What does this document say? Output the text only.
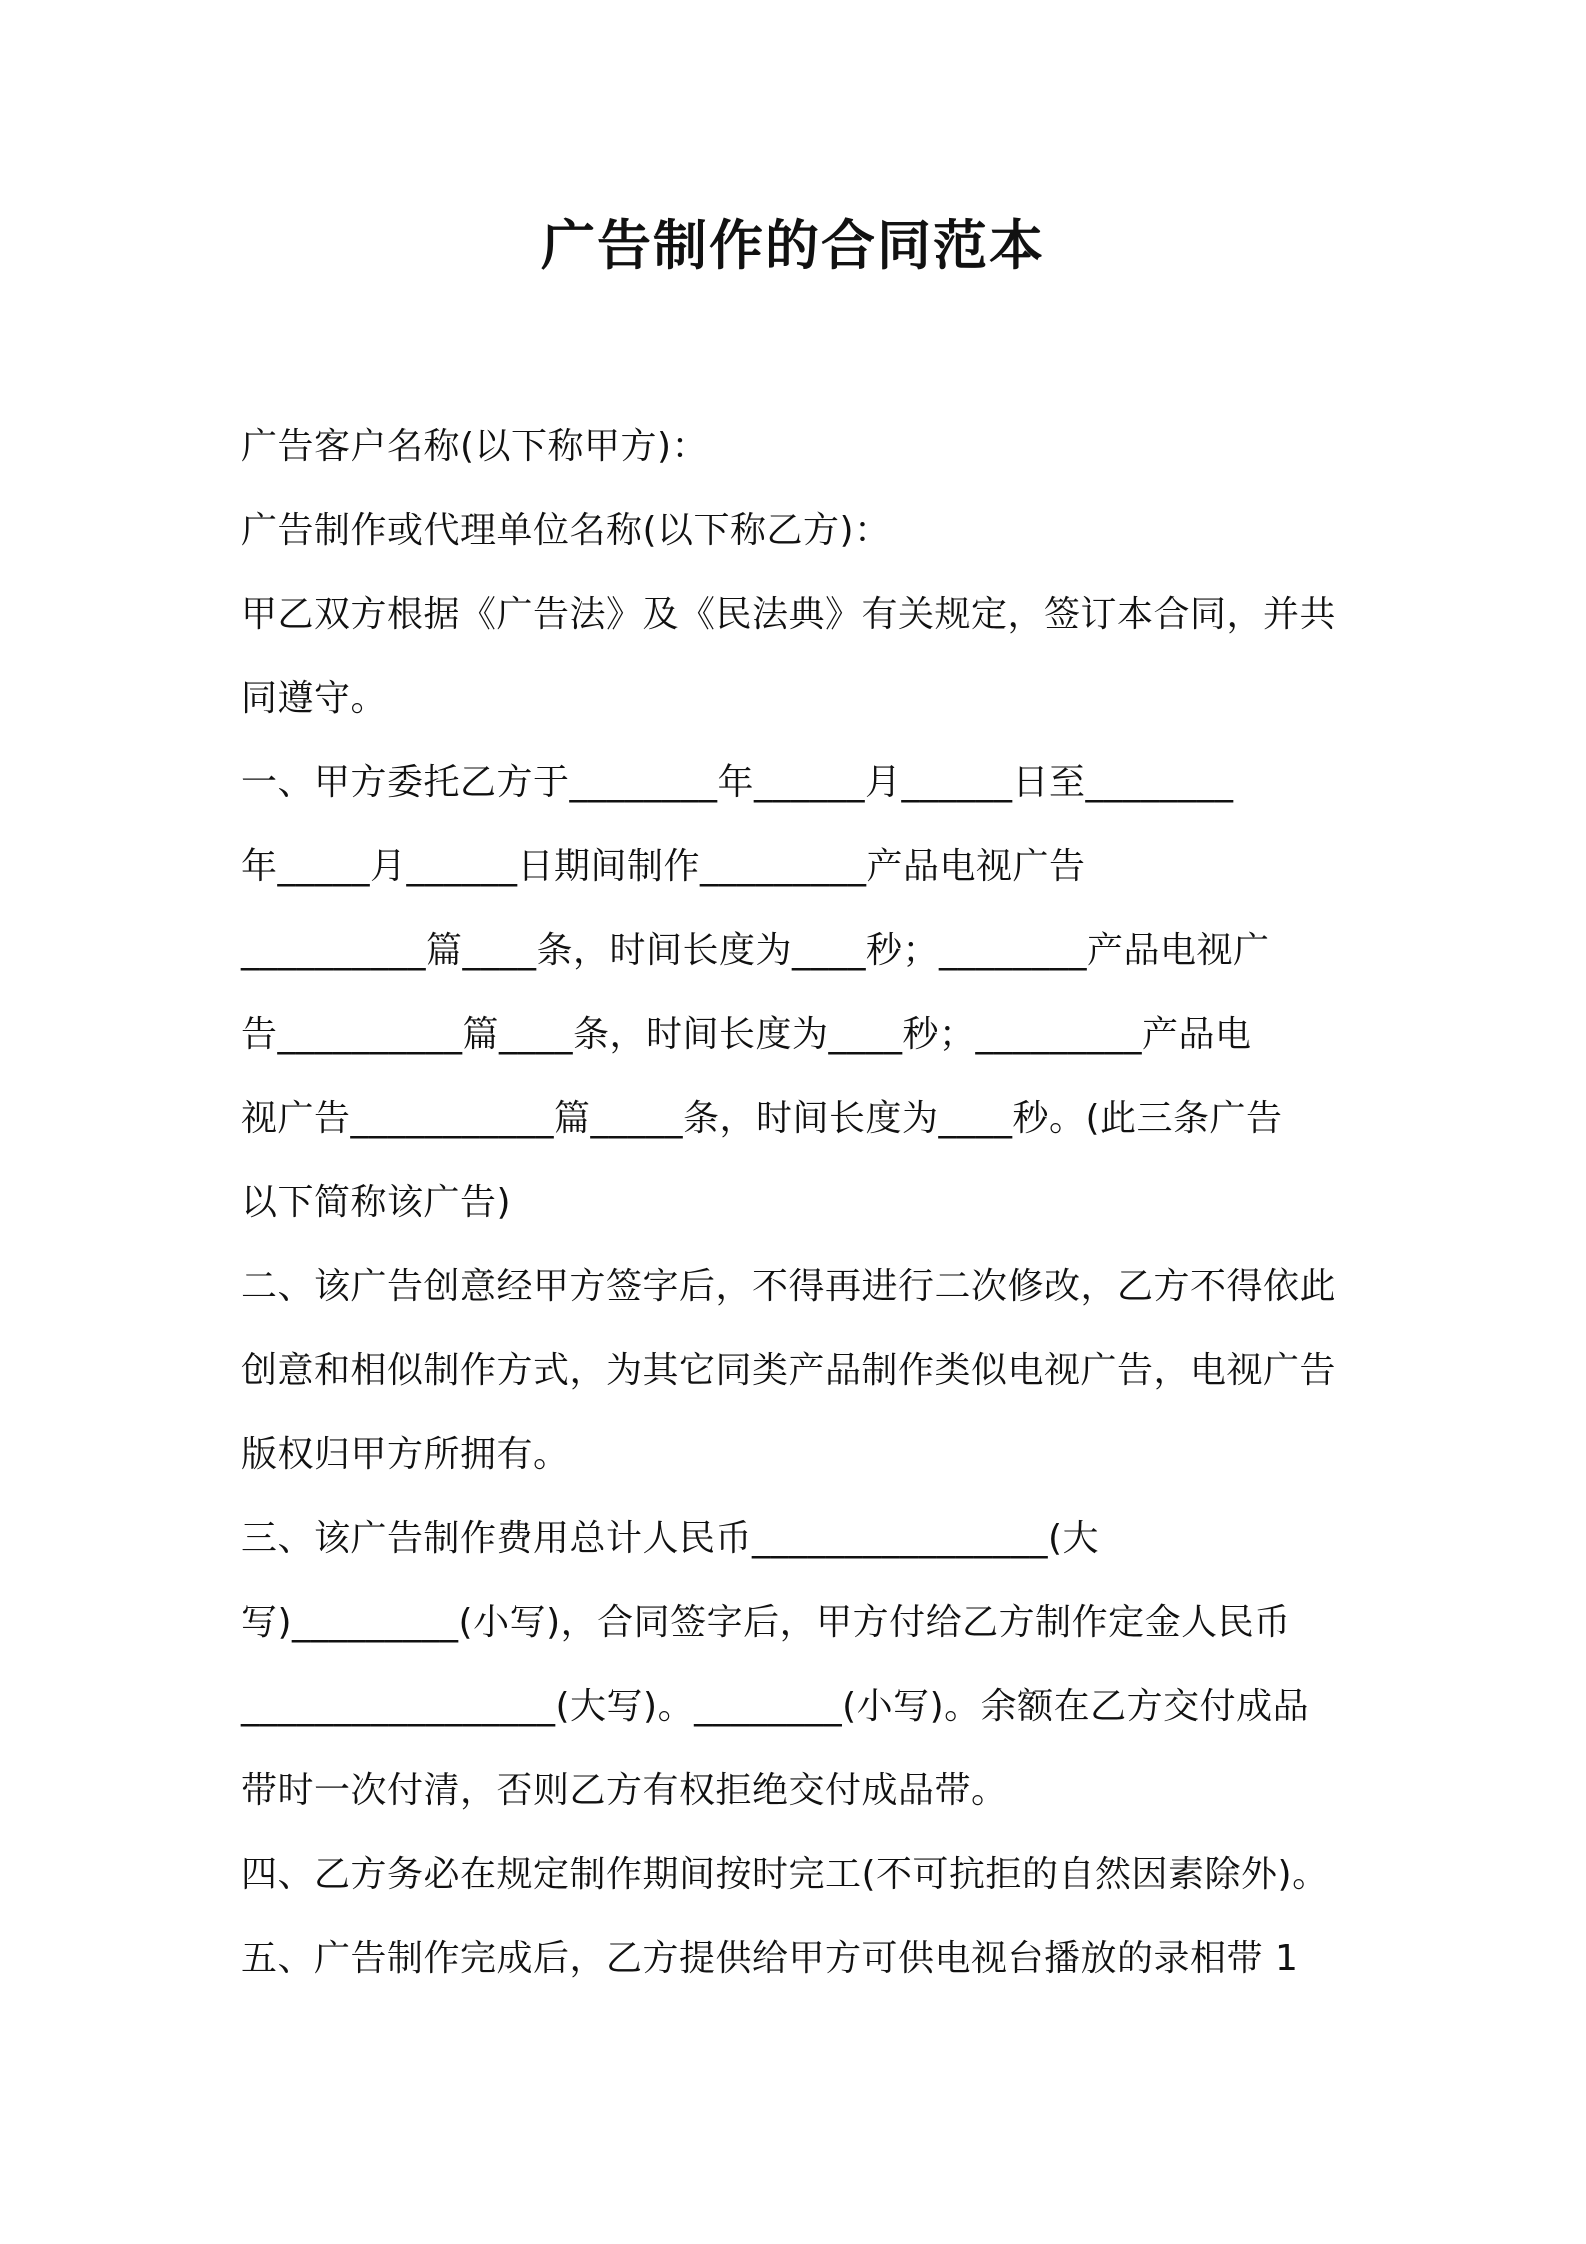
广告制作的合同范本
广告客户名称(以下称甲方)：
广告制作或代理单位名称(以下称乙方)：
甲乙双方根据《广告法》及《民法典》有关规定，签订本合同，并共
同遵守。
一、甲方委托乙方于________年______月______日至________
年_____月______日期间制作_________产品电视广告
__________篇____条，时间长度为____秒；________产品电视广
告__________篇____条，时间长度为____秒；_________产品电
视广告___________篇_____条，时间长度为____秒。(此三条广告
以下简称该广告)
二、该广告创意经甲方签字后，不得再进行二次修改，乙方不得依此
创意和相似制作方式，为其它同类产品制作类似电视广告，电视广告
版权归甲方所拥有。
三、该广告制作费用总计人民币________________(大
写)_________(小写)，合同签字后，甲方付给乙方制作定金人民币
_________________(大写)。________(小写)。余额在乙方交付成品
带时一次付清，否则乙方有权拒绝交付成品带。
四、乙方务必在规定制作期间按时完工(不可抗拒的自然因素除外)。
五、广告制作完成后，乙方提供给甲方可供电视台播放的录相带 1
